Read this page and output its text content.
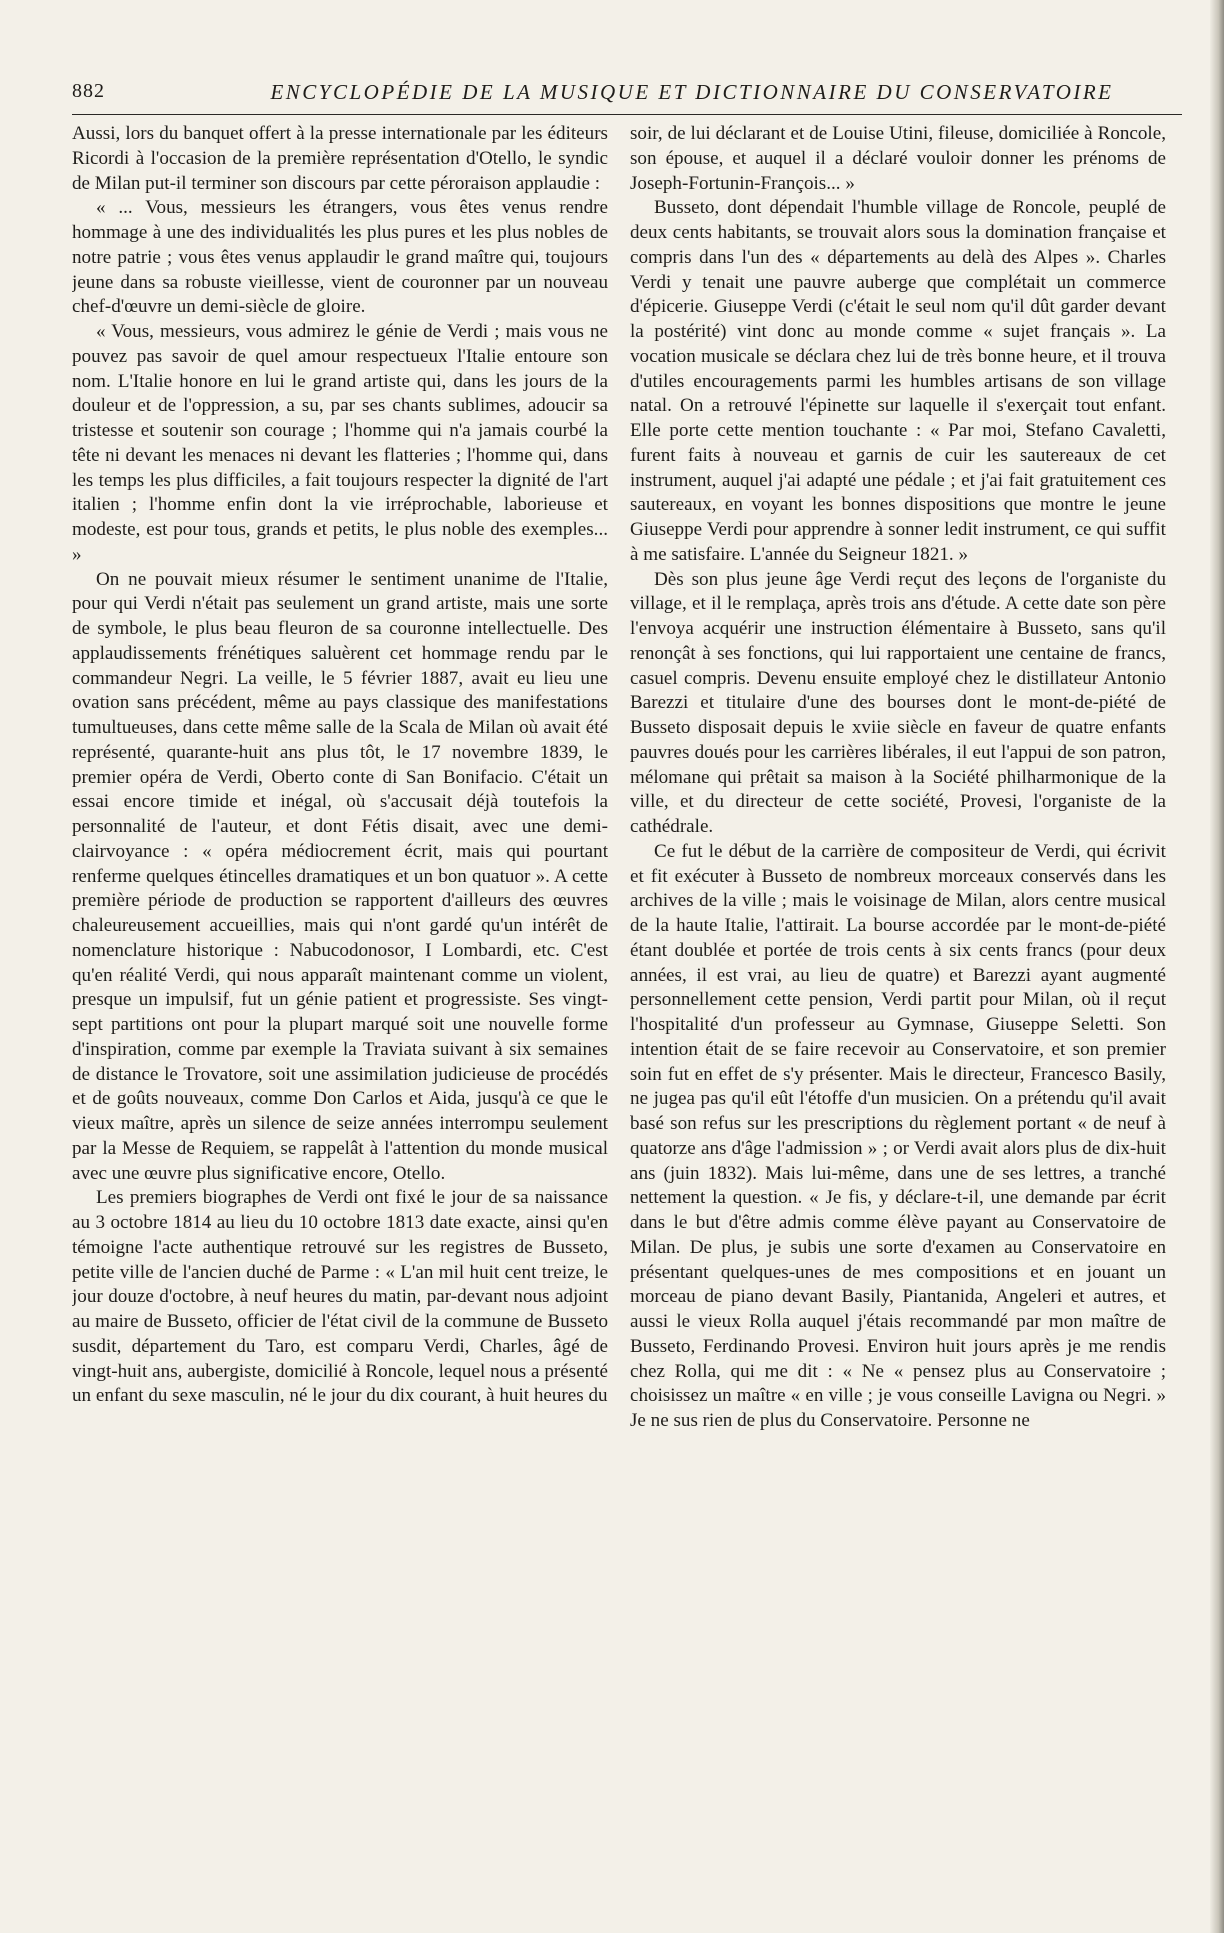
882	ENCYCLOPÉDIE DE LA MUSIQUE ET DICTIONNAIRE DU CONSERVATOIRE

Aussi, lors du banquet offert à la presse internationale par les éditeurs Ricordi à l'occasion de la première représentation d'Otello, le syndic de Milan put-il terminer son discours par cette péroraison applaudie :

« ... Vous, messieurs les étrangers, vous êtes venus rendre hommage à une des individualités les plus pures et les plus nobles de notre patrie ; vous êtes venus applaudir le grand maître qui, toujours jeune dans sa robuste vieillesse, vient de couronner par un nouveau chef-d'œuvre un demi-siècle de gloire.

« Vous, messieurs, vous admirez le génie de Verdi ; mais vous ne pouvez pas savoir de quel amour respectueux l'Italie entoure son nom. L'Italie honore en lui le grand artiste qui, dans les jours de la douleur et de l'oppression, a su, par ses chants sublimes, adoucir sa tristesse et soutenir son courage ; l'homme qui n'a jamais courbé la tête ni devant les menaces ni devant les flatteries ; l'homme qui, dans les temps les plus difficiles, a fait toujours respecter la dignité de l'art italien ; l'homme enfin dont la vie irréprochable, laborieuse et modeste, est pour tous, grands et petits, le plus noble des exemples... »

On ne pouvait mieux résumer le sentiment unanime de l'Italie, pour qui Verdi n'était pas seulement un grand artiste, mais une sorte de symbole, le plus beau fleuron de sa couronne intellectuelle. Des applaudissements frénétiques saluèrent cet hommage rendu par le commandeur Negri. La veille, le 5 février 1887, avait eu lieu une ovation sans précédent, même au pays classique des manifestations tumultueuses, dans cette même salle de la Scala de Milan où avait été représenté, quarante-huit ans plus tôt, le 17 novembre 1839, le premier opéra de Verdi, Oberto conte di San Bonifacio. C'était un essai encore timide et inégal, où s'accusait déjà toutefois la personnalité de l'auteur, et dont Fétis disait, avec une demi-clairvoyance : « opéra médiocrement écrit, mais qui pourtant renferme quelques étincelles dramatiques et un bon quatuor ». A cette première période de production se rapportent d'ailleurs des œuvres chaleureusement accueillies, mais qui n'ont gardé qu'un intérêt de nomenclature historique : Nabucodonosor, I Lombardi, etc. C'est qu'en réalité Verdi, qui nous apparaît maintenant comme un violent, presque un impulsif, fut un génie patient et progressiste. Ses vingt-sept partitions ont pour la plupart marqué soit une nouvelle forme d'inspiration, comme par exemple la Traviata suivant à six semaines de distance le Trovatore, soit une assimilation judicieuse de procédés et de goûts nouveaux, comme Don Carlos et Aida, jusqu'à ce que le vieux maître, après un silence de seize années interrompu seulement par la Messe de Requiem, se rappelât à l'attention du monde musical avec une œuvre plus significative encore, Otello.

Les premiers biographes de Verdi ont fixé le jour de sa naissance au 3 octobre 1814 au lieu du 10 octobre 1813 date exacte, ainsi qu'en témoigne l'acte authentique retrouvé sur les registres de Busseto, petite ville de l'ancien duché de Parme : « L'an mil huit cent treize, le jour douze d'octobre, à neuf heures du matin, par-devant nous adjoint au maire de Busseto, officier de l'état civil de la commune de Busseto susdit, département du Taro, est comparu Verdi, Charles, âgé de vingt-huit ans, aubergiste, domicilié à Roncole, lequel nous a présenté un enfant du sexe masculin, né le jour du dix courant, à huit heures du

soir, de lui déclarant et de Louise Utini, fileuse, domiciliée à Roncole, son épouse, et auquel il a déclaré vouloir donner les prénoms de Joseph-Fortunin-François... »

Busseto, dont dépendait l'humble village de Roncole, peuplé de deux cents habitants, se trouvait alors sous la domination française et compris dans l'un des « départements au delà des Alpes ». Charles Verdi y tenait une pauvre auberge que complétait un commerce d'épicerie. Giuseppe Verdi (c'était le seul nom qu'il dût garder devant la postérité) vint donc au monde comme « sujet français ». La vocation musicale se déclara chez lui de très bonne heure, et il trouva d'utiles encouragements parmi les humbles artisans de son village natal. On a retrouvé l'épinette sur laquelle il s'exerçait tout enfant. Elle porte cette mention touchante : « Par moi, Stefano Cavaletti, furent faits à nouveau et garnis de cuir les sautereaux de cet instrument, auquel j'ai adapté une pédale ; et j'ai fait gratuitement ces sautereaux, en voyant les bonnes dispositions que montre le jeune Giuseppe Verdi pour apprendre à sonner ledit instrument, ce qui suffit à me satisfaire. L'année du Seigneur 1821. »

Dès son plus jeune âge Verdi reçut des leçons de l'organiste du village, et il le remplaça, après trois ans d'étude. A cette date son père l'envoya acquérir une instruction élémentaire à Busseto, sans qu'il renonçât à ses fonctions, qui lui rapportaient une centaine de francs, casuel compris. Devenu ensuite employé chez le distillateur Antonio Barezzi et titulaire d'une des bourses dont le mont-de-piété de Busseto disposait depuis le xviie siècle en faveur de quatre enfants pauvres doués pour les carrières libérales, il eut l'appui de son patron, mélomane qui prêtait sa maison à la Société philharmonique de la ville, et du directeur de cette société, Provesi, l'organiste de la cathédrale.

Ce fut le début de la carrière de compositeur de Verdi, qui écrivit et fit exécuter à Busseto de nombreux morceaux conservés dans les archives de la ville ; mais le voisinage de Milan, alors centre musical de la haute Italie, l'attirait. La bourse accordée par le mont-de-piété étant doublée et portée de trois cents à six cents francs (pour deux années, il est vrai, au lieu de quatre) et Barezzi ayant augmenté personnellement cette pension, Verdi partit pour Milan, où il reçut l'hospitalité d'un professeur au Gymnase, Giuseppe Seletti. Son intention était de se faire recevoir au Conservatoire, et son premier soin fut en effet de s'y présenter. Mais le directeur, Francesco Basily, ne jugea pas qu'il eût l'étoffe d'un musicien. On a prétendu qu'il avait basé son refus sur les prescriptions du règlement portant « de neuf à quatorze ans d'âge l'admission » ; or Verdi avait alors plus de dix-huit ans (juin 1832). Mais lui-même, dans une de ses lettres, a tranché nettement la question. « Je fis, y déclare-t-il, une demande par écrit dans le but d'être admis comme élève payant au Conservatoire de Milan. De plus, je subis une sorte d'examen au Conservatoire en présentant quelques-unes de mes compositions et en jouant un morceau de piano devant Basily, Piantanida, Angeleri et autres, et aussi le vieux Rolla auquel j'étais recommandé par mon maître de Busseto, Ferdinando Provesi. Environ huit jours après je me rendis chez Rolla, qui me dit : « Ne « pensez plus au Conservatoire ; choisissez un maître « en ville ; je vous conseille Lavigna ou Negri. » Je ne sus rien de plus du Conservatoire. Personne ne
